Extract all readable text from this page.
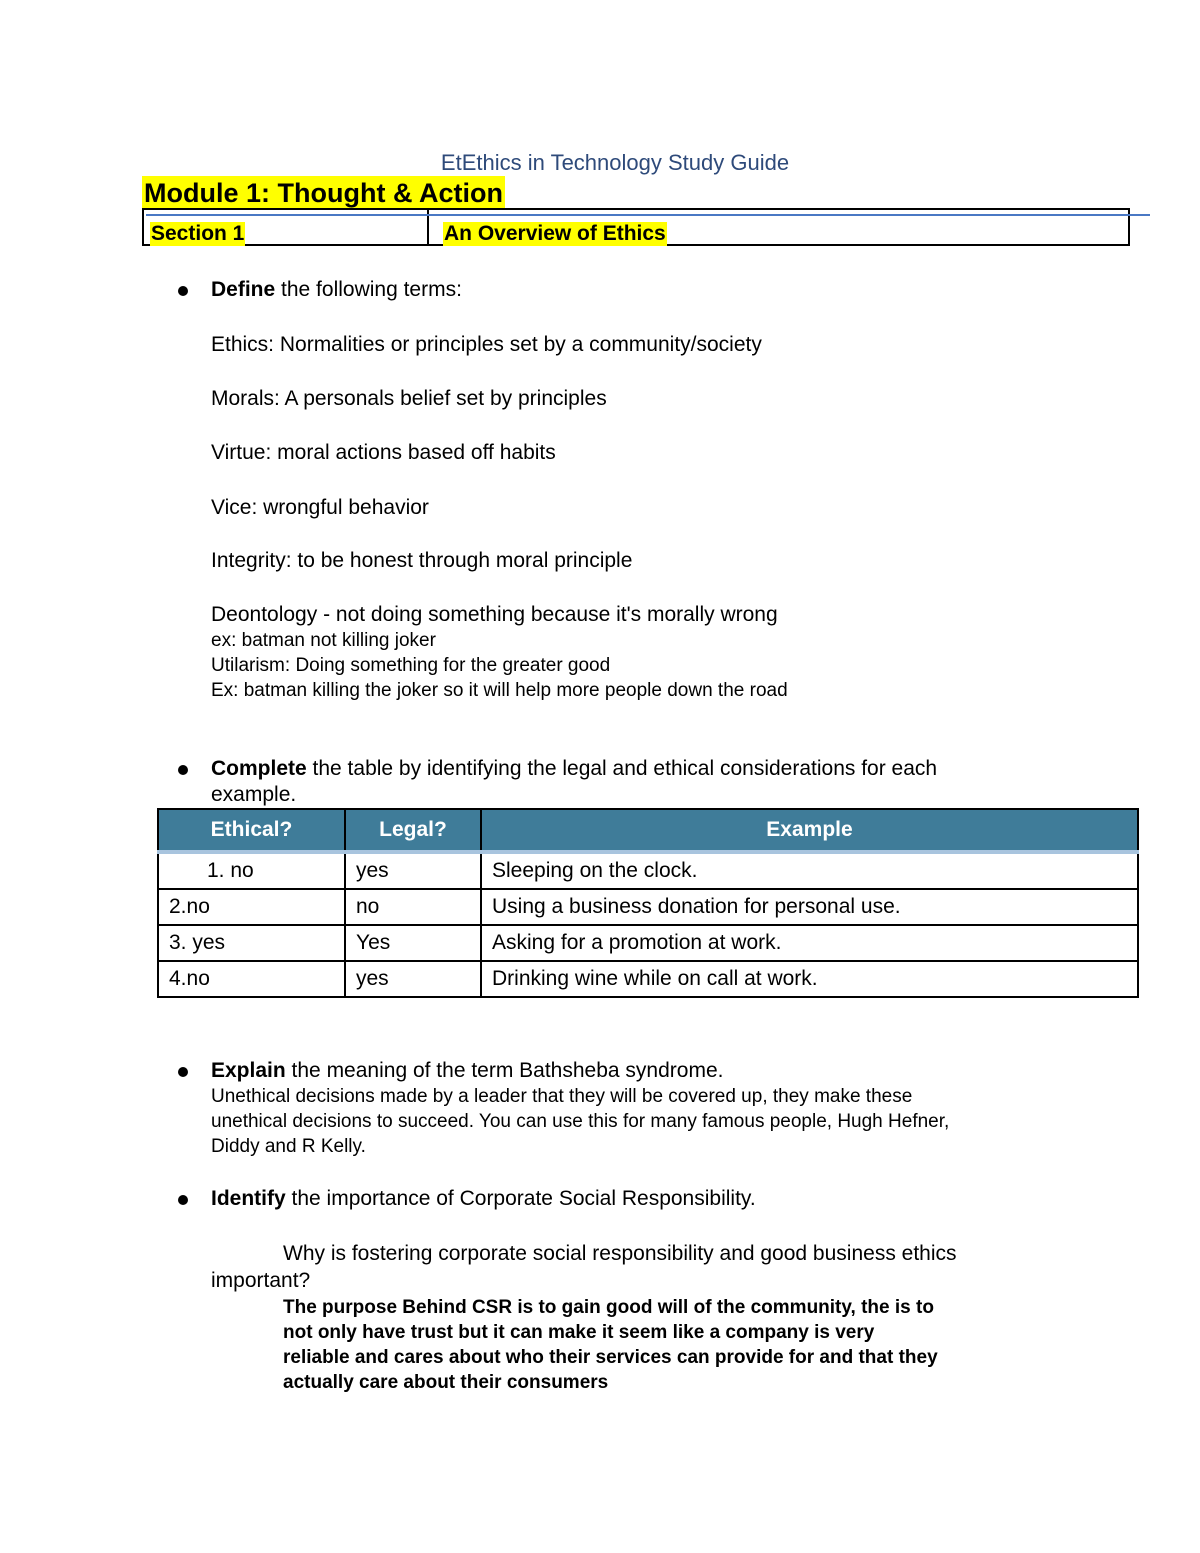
EtEthics in Technology Study Guide
Module 1: Thought & Action
Section 1	An Overview of Ethics
Define the following terms:
Ethics: Normalities or principles set by a community/society
Morals: A personals belief set by principles
Virtue: moral actions based off habits
Vice: wrongful behavior
Integrity: to be honest through moral principle
Deontology - not doing something because it's morally wrong
ex: batman not killing joker
Utilarism: Doing something for the greater good
Ex: batman killing the joker so it will help more people down the road
Complete the table by identifying the legal and ethical considerations for each
example.
Ethical?	Legal?	Example
1. no	yes	Sleeping on the clock.
2.no	no	Using a business donation for personal use.
3. yes	Yes	Asking for a promotion at work.
4.no	yes	Drinking wine while on call at work.
Explain the meaning of the term Bathsheba syndrome.
Unethical decisions made by a leader that they will be covered up, they make these
unethical decisions to succeed. You can use this for many famous people, Hugh Hefner,
Diddy and R Kelly.
Identify the importance of Corporate Social Responsibility.
Why is fostering corporate social responsibility and good business ethics
important?
The purpose Behind CSR is to gain good will of the community, the is to
not only have trust but it can make it seem like a company is very
reliable and cares about who their services can provide for and that they
actually care about their consumers
